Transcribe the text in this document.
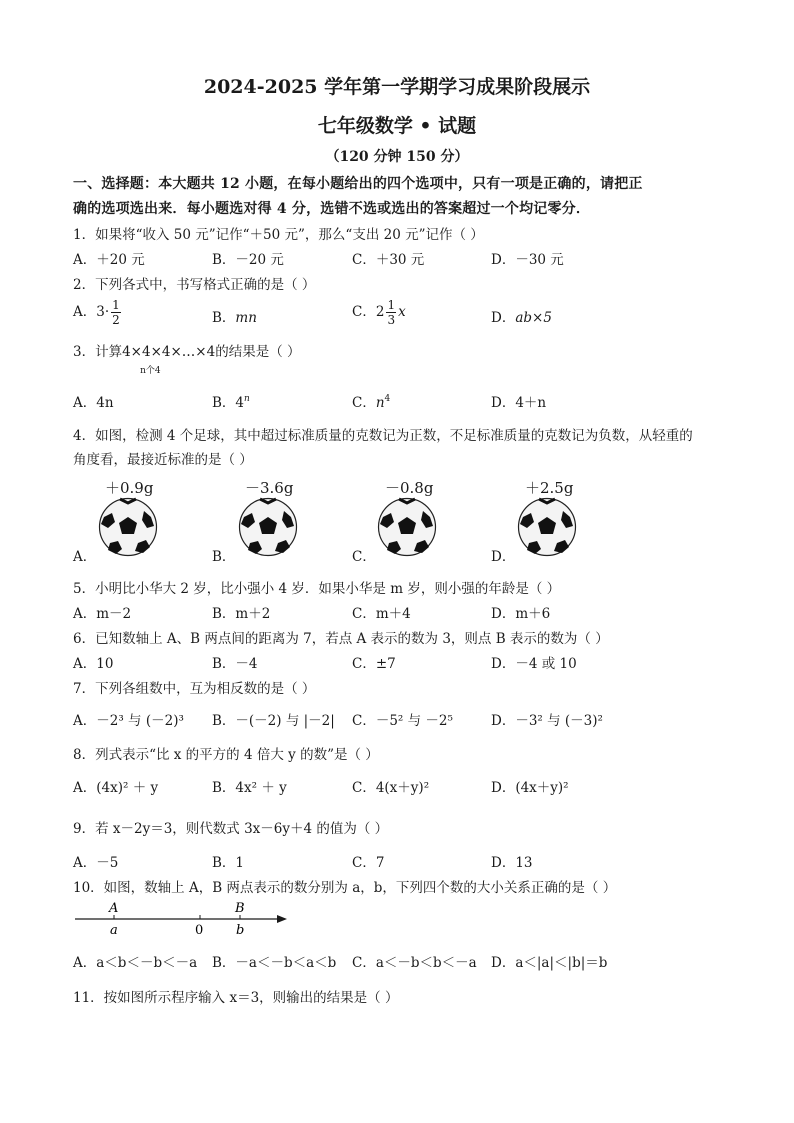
2024-2025 学年第一学期学习成果阶段展示
七年级数学 • 试题
（120 分钟 150 分）
一、选择题：本大题共 12 小题，在每小题给出的四个选项中，只有一项是正确的，请把正
确的选项选出来．每小题选对得 4 分，选错不选或选出的答案超过一个均记零分．
1．如果将“收入 50 元”记作“＋50 元”，那么“支出 20 元”记作（ ）
A．＋20 元	B．－20 元	C．＋30 元	D．－30 元
2．下列各式中，书写格式正确的是（ ）
A．$3\cdot \frac{1}{2}$	B．mn	C．$2 \frac{1}{3}$ x	D．ab×5
3．计算4×4×4×…×4
n个4
的结果是（ ）
A．4n	B．4$^n$	C．$n^4$	D．4＋n
4．如图，检测 4 个足球，其中超过标准质量的克数记为正数，不足标准质量的克数记为负数，从轻重的
角度看，最接近标准的是（ ）
＋0.9g	－3.6g	－0.8g	＋2.5g
A．	B．	C．	D．
5．小明比小华大 2 岁，比小强小 4 岁．如果小华是 m 岁，则小强的年龄是（ ）
A．m－2	B．m＋2	C．m＋4	D．m＋6
6．已知数轴上 A、B 两点间的距离为 7，若点 A 表示的数为 3，则点 B 表示的数为（ ）
A．10	B．－4	C．±7	D．－4 或 10
7．下列各组数中，互为相反数的是（ ）
A．－2³ 与 (－2)³ B．－(－2) 与 |－2| C．－5² 与 －2⁵	D．－3² 与 (－3)²
8．列式表示“比 x 的平方的 4 倍大 y 的数”是（ ）
A．(4x)² ＋ y	B．4x² ＋ y	C．4(x＋y)²	D．(4x＋y)²
9．若 x－2y＝3，则代数式 3x－6y＋4 的值为（ ）
A．－5	B．1	C．7	D．13
10．如图，数轴上 A，B 两点表示的数分别为 a，b，下列四个数的大小关系正确的是（ ）
A
a	0
B
b
A．a＜b＜－b＜－a B．－a＜－b＜a＜b C．a＜－b＜b＜－a D．a＜|a|＜|b|＝b
11．按如图所示程序输入 x＝3，则输出的结果是（ ）
